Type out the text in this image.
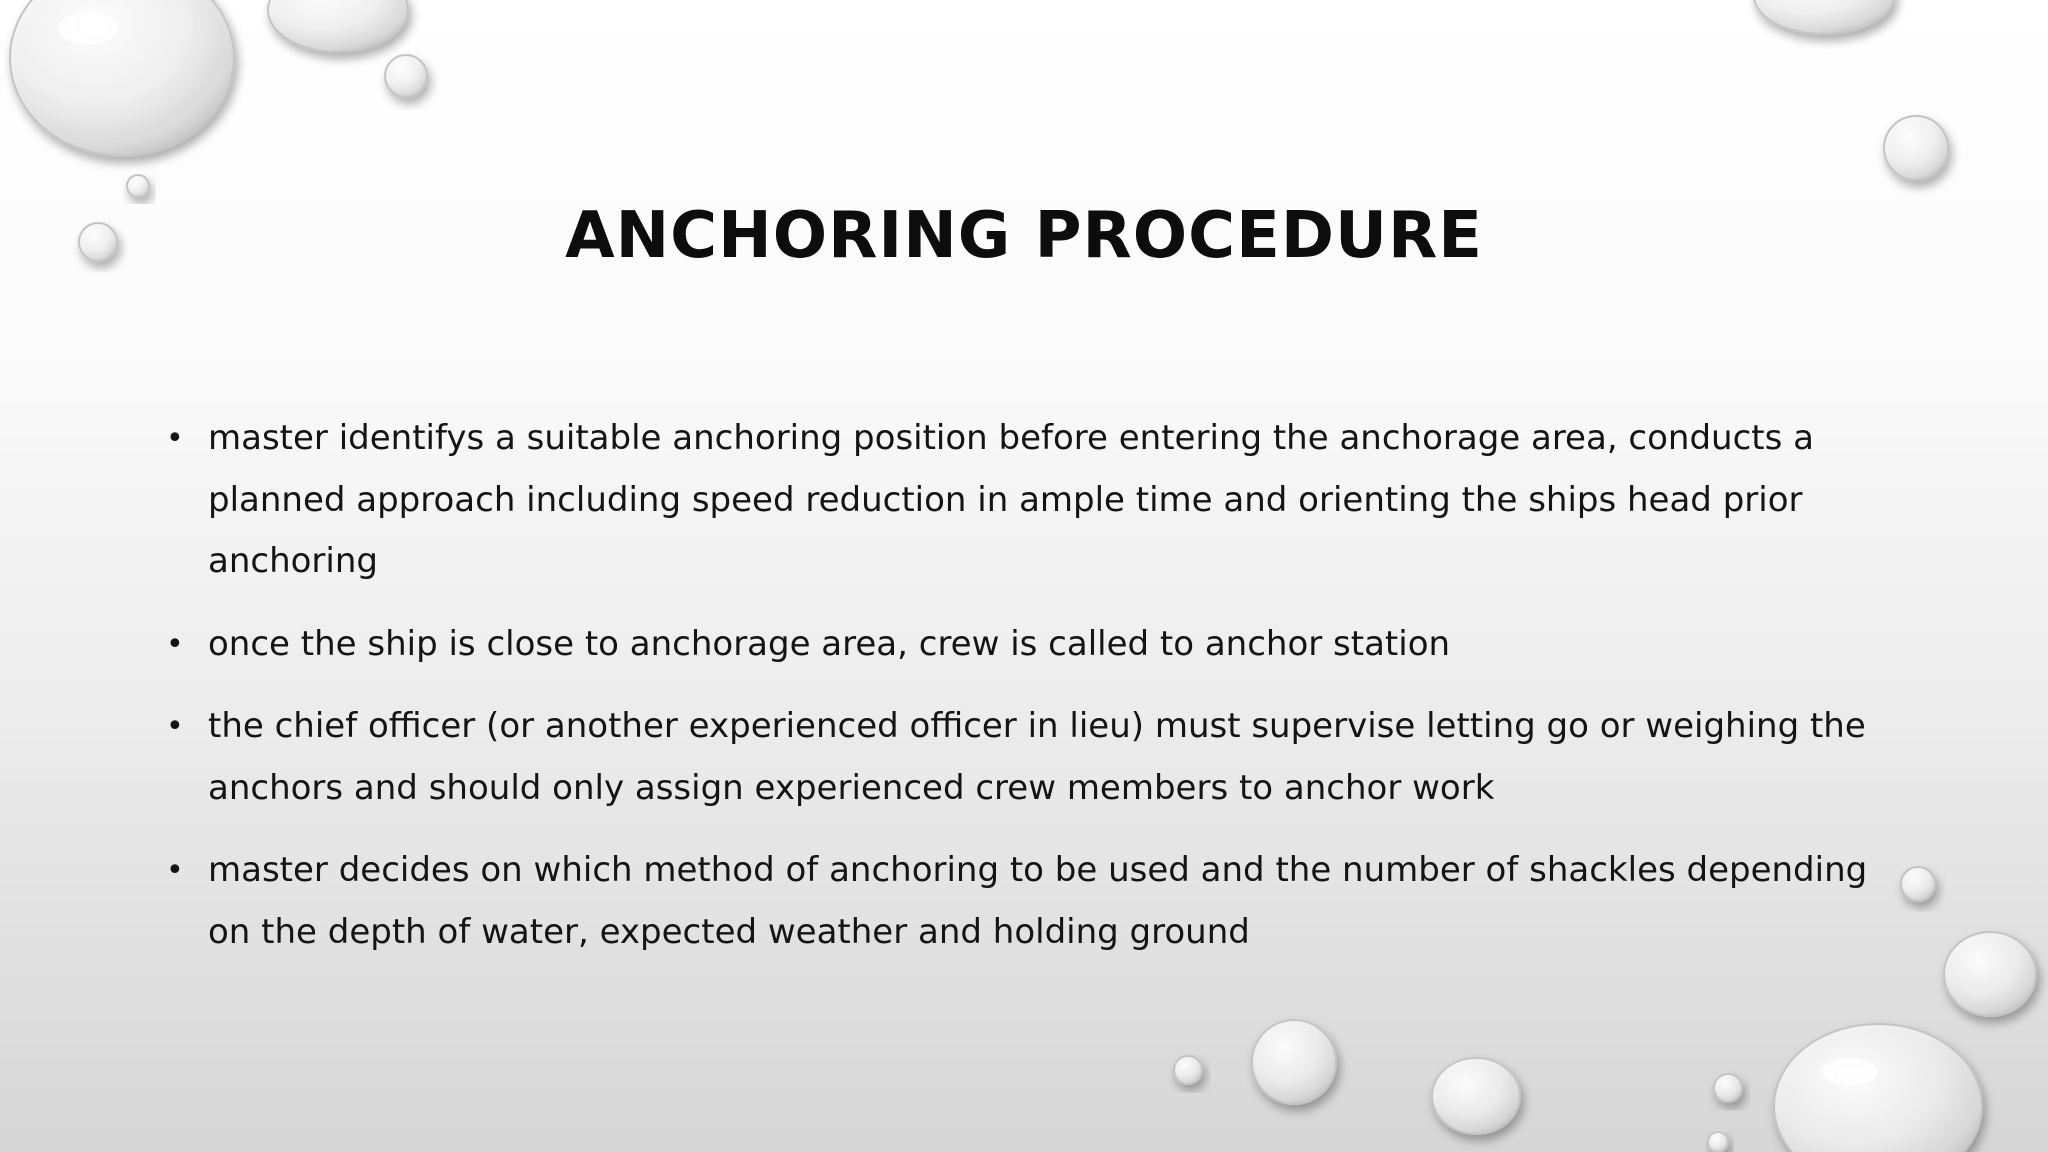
ANCHORING PROCEDURE
• master identifys a suitable anchoring position before entering the anchorage area, conducts a planned approach including speed reduction in ample time and orienting the ships head prior anchoring
• once the ship is close to anchorage area, crew is called to anchor station
• the chief officer (or another experienced officer in lieu) must supervise letting go or weighing the anchors and should only assign experienced crew members to anchor work
• master decides on which method of anchoring to be used and the number of shackles depending on the depth of water, expected weather and holding ground
